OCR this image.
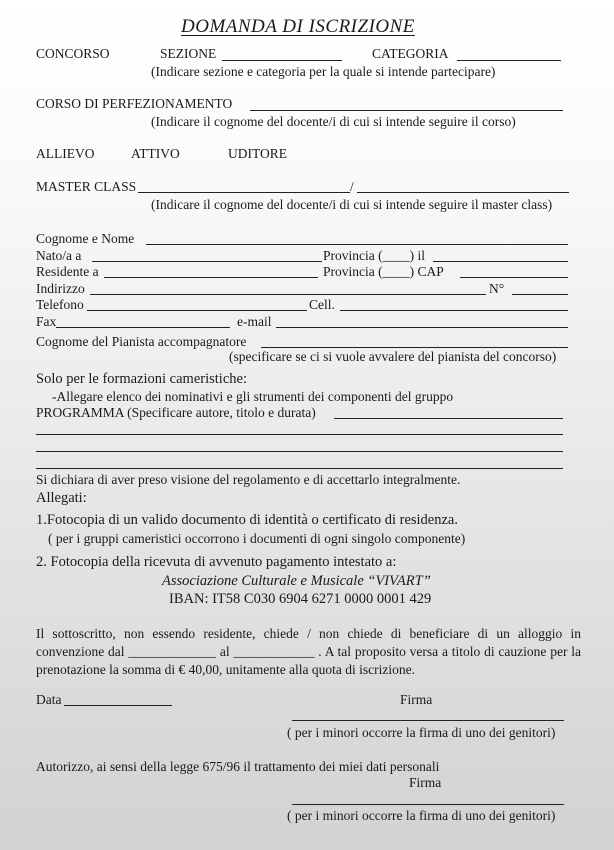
DOMANDA DI ISCRIZIONE
CONCORSO	SEZIONE	CATEGORIA
(Indicare sezione e categoria per la quale si intende partecipare)
CORSO DI PERFEZIONAMENTO
(Indicare il cognome del docente/i di cui si intende seguire il corso)
ALLIEVO	ATTIVO	UDITORE
MASTER CLASS	/
(Indicare il cognome del docente/i di cui si intende seguire il master class)
Cognome e Nome
Nato/a a	Provincia (____) il
Residente a	Provincia (____) CAP
Indirizzo	N°
Telefono	Cell.
Fax	e-mail
Cognome del Pianista accompagnatore
(specificare se ci si vuole avvalere del pianista del concorso)
Solo per le formazioni cameristiche:
-Allegare elenco dei nominativi e gli strumenti dei componenti del gruppo
PROGRAMMA (Specificare autore, titolo e durata)
Si dichiara di aver preso visione del regolamento e di accettarlo integralmente.
Allegati:
1.Fotocopia di un valido documento di identità o certificato di residenza.
( per i gruppi cameristici occorrono i documenti di ogni singolo componente)
2. Fotocopia della ricevuta di avvenuto pagamento intestato a:
Associazione Culturale e Musicale “VIVART”
IBAN: IT58 C030 6904 6271 0000 0001 429
Il sottoscritto, non essendo residente, chiede / non chiede di beneficiare di un alloggio in convenzione dal _____________ al ____________ . A tal proposito versa a titolo di cauzione per la prenotazione la somma di € 40,00, unitamente alla quota di iscrizione.
Data	Firma
( per i minori occorre la firma di uno dei genitori)
Autorizzo, ai sensi della legge 675/96 il trattamento dei miei dati personali
Firma
( per i minori occorre la firma di uno dei genitori)
